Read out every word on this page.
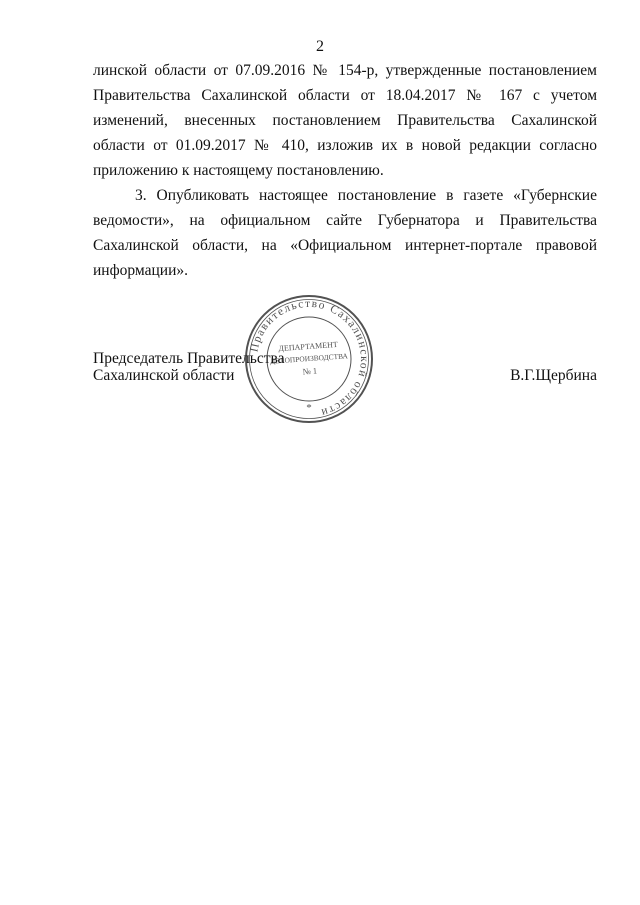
2

линской области от 07.09.2016 № 154-р, утвержденные постановлением Правительства Сахалинской области от 18.04.2017 № 167 с учетом изменений, внесенных постановлением Правительства Сахалинской области от 01.09.2017 № 410, изложив их в новой редакции согласно приложению к настоящему постановлению.

3. Опубликовать настоящее постановление в газете «Губернские ведомости», на официальном сайте Губернатора и Правительства Сахалинской области, на «Официальном интернет-портале правовой информации».

Председатель Правительства
Сахалинской области	В.Г.Щербина
Правительство Сахалинской области
*
ДЕПАРТАМЕНТ
ДЕЛОПРОИЗВОДСТВА
№ 1
